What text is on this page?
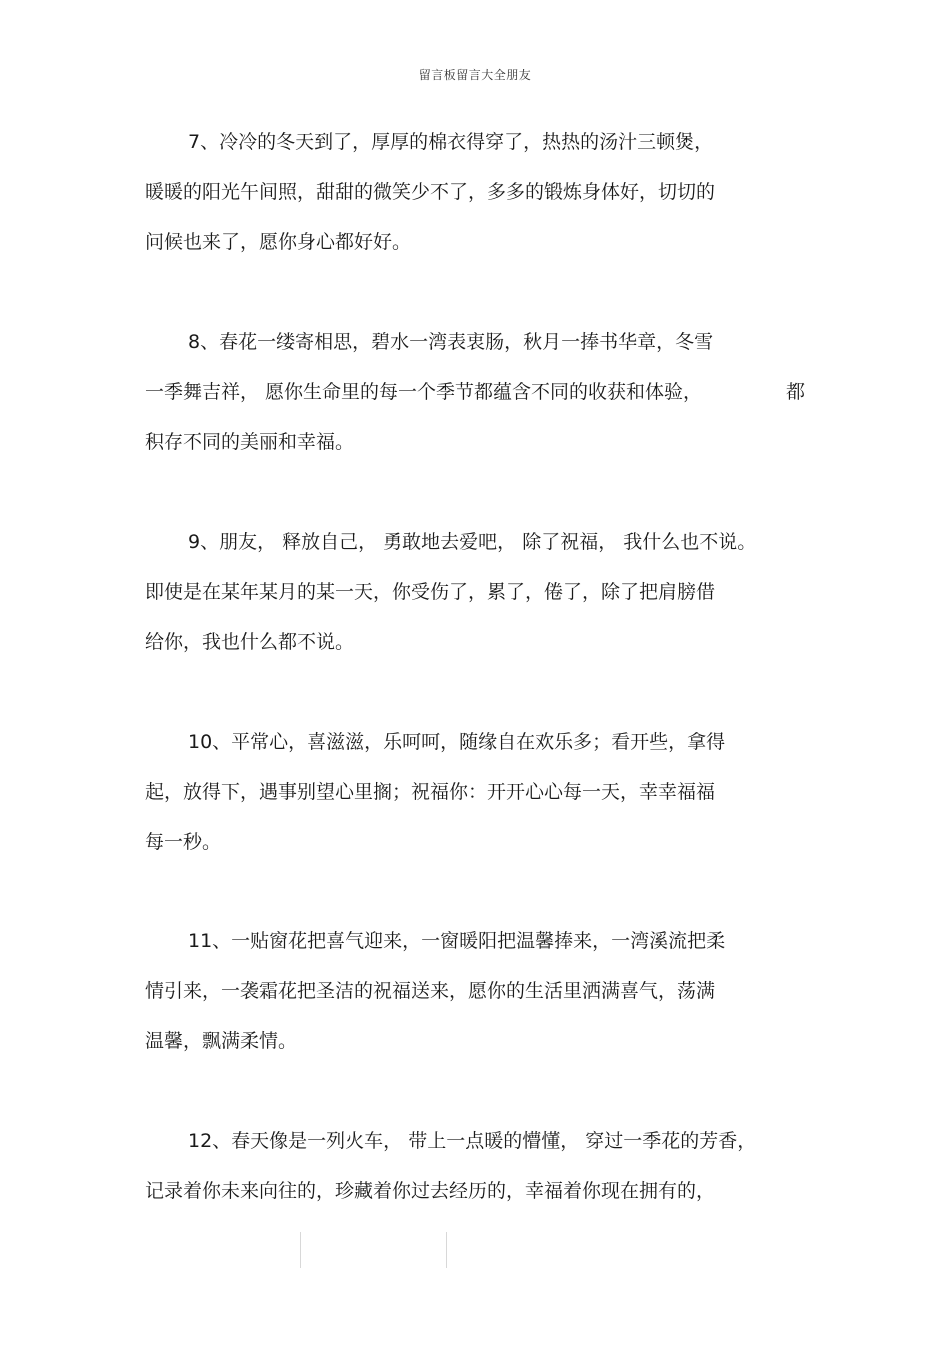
留言板留言大全朋友
7、冷冷的冬天到了，厚厚的棉衣得穿了，热热的汤汁三顿煲，
暖暖的阳光午间照，甜甜的微笑少不了，多多的锻炼身体好，切切的
问候也来了，愿你身心都好好。
8、春花一缕寄相思，碧水一湾表衷肠，秋月一捧书华章，冬雪
一季舞吉祥， 愿你生命里的每一个季节都蕴含不同的收获和体验，	都
积存不同的美丽和幸福。
9、朋友， 释放自己， 勇敢地去爱吧， 除了祝福， 我什么也不说。
即使是在某年某月的某一天，你受伤了，累了，倦了，除了把肩膀借
给你，我也什么都不说。
10、平常心，喜滋滋，乐呵呵，随缘自在欢乐多；看开些，拿得
起，放得下，遇事别望心里搁；祝福你：开开心心每一天，幸幸福福
每一秒。
11、一贴窗花把喜气迎来，一窗暖阳把温馨捧来，一湾溪流把柔
情引来，一袭霜花把圣洁的祝福送来，愿你的生活里洒满喜气，荡满
温馨，飘满柔情。
12、春天像是一列火车， 带上一点暖的懵懂， 穿过一季花的芳香，
记录着你未来向往的，珍藏着你过去经历的，幸福着你现在拥有的，
